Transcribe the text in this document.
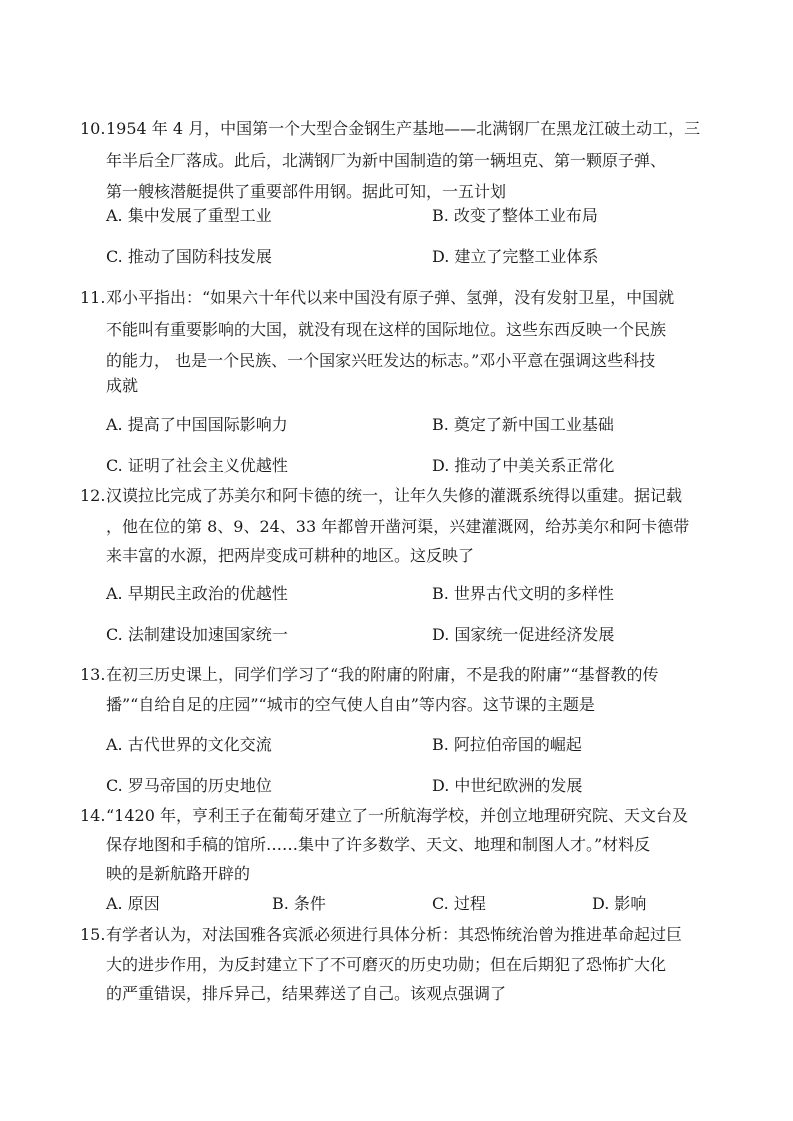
10. 1954 年 4 月，中国第一个大型合金钢生产基地——北满钢厂在黑龙江破土动工，三
年半后全厂落成。此后，北满钢厂为新中国制造的第一辆坦克、第一颗原子弹、
第一艘核潜艇提供了重要部件用钢。据此可知，一五计划
A. 集中发展了重型工业	B. 改变了整体工业布局
C. 推动了国防科技发展	D. 建立了完整工业体系
11. 邓小平指出：“如果六十年代以来中国没有原子弹、氢弹，没有发射卫星，中国就
不能叫有重要影响的大国，就没有现在这样的国际地位。这些东西反映一个民族
的能力， 也是一个民族、一个国家兴旺发达的标志。”邓小平意在强调这些科技
成就
A. 提高了中国国际影响力	B. 奠定了新中国工业基础
C. 证明了社会主义优越性	D. 推动了中美关系正常化
12. 汉谟拉比完成了苏美尔和阿卡德的统一，让年久失修的灌溉系统得以重建。据记载
，他在位的第 8、9、24、33 年都曾开凿河渠，兴建灌溉网，给苏美尔和阿卡德带
来丰富的水源，把两岸变成可耕种的地区。这反映了
A. 早期民主政治的优越性	B. 世界古代文明的多样性
C. 法制建设加速国家统一	D. 国家统一促进经济发展
13. 在初三历史课上，同学们学习了“我的附庸的附庸，不是我的附庸”“基督教的传
播”“自给自足的庄园”“城市的空气使人自由”等内容。这节课的主题是
A. 古代世界的文化交流	B. 阿拉伯帝国的崛起
C. 罗马帝国的历史地位	D. 中世纪欧洲的发展
14. “1420 年，亨利王子在葡萄牙建立了一所航海学校，并创立地理研究院、天文台及
保存地图和手稿的馆所……集中了许多数学、天文、地理和制图人才。”材料反
映的是新航路开辟的
A. 原因	B. 条件	C. 过程	D. 影响
15. 有学者认为，对法国雅各宾派必须进行具体分析：其恐怖统治曾为推进革命起过巨
大的进步作用，为反封建立下了不可磨灭的历史功勋；但在后期犯了恐怖扩大化
的严重错误，排斥异己，结果葬送了自己。该观点强调了
